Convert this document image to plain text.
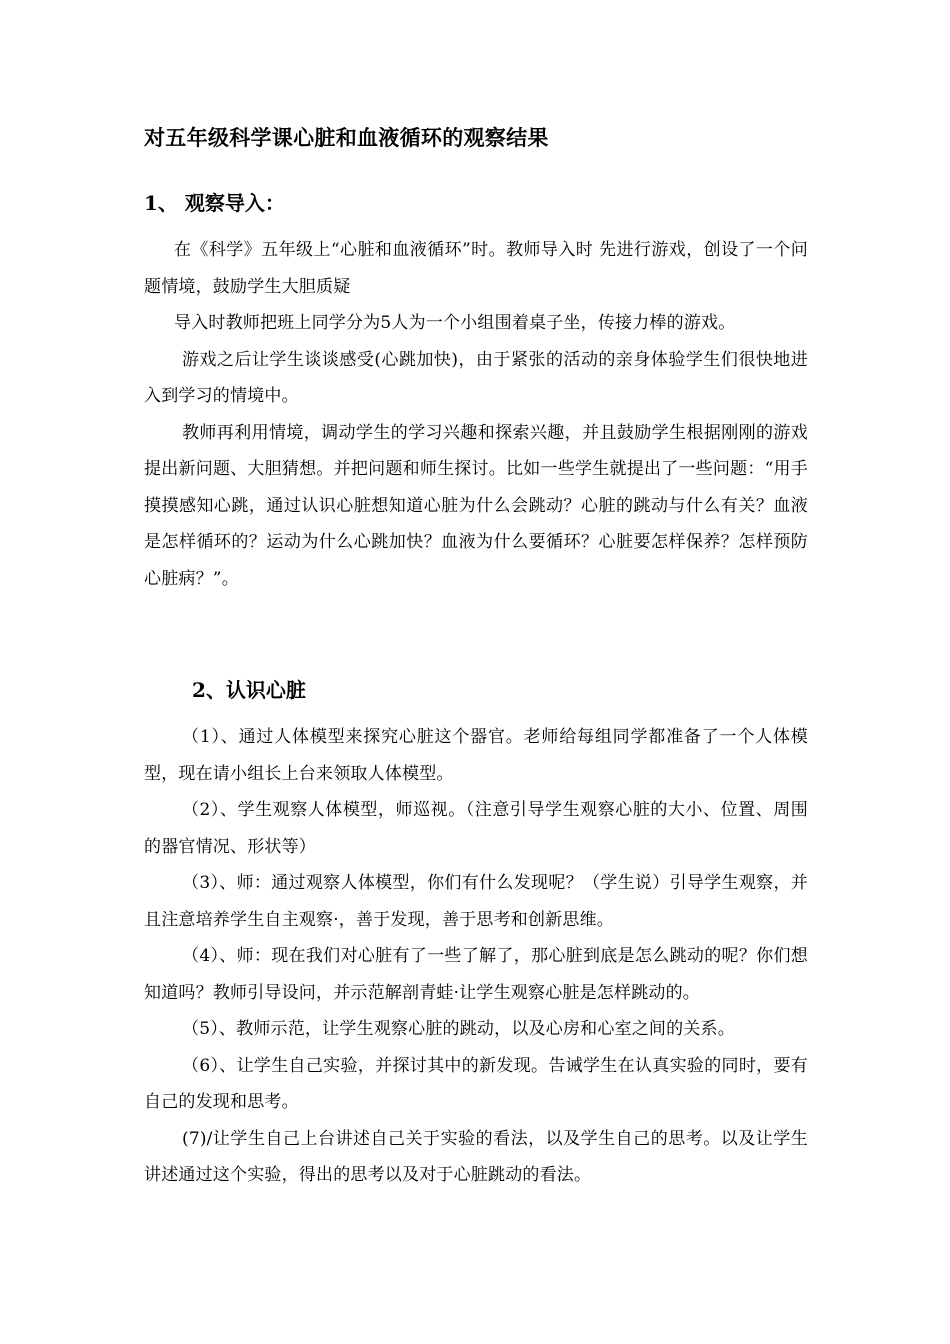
对五年级科学课心脏和血液循环的观察结果
1、 观察导入：

在《科学》五年级上“心脏和血液循环”时。教师导入时 先进行游戏，创设了一个问题情境，鼓励学生大胆质疑

导入时教师把班上同学分为5人为一个小组围着桌子坐，传接力棒的游戏。

游戏之后让学生谈谈感受(心跳加快)，由于紧张的活动的亲身体验学生们很快地进入到学习的情境中。

教师再利用情境，调动学生的学习兴趣和探索兴趣，并且鼓励学生根据刚刚的游戏提出新问题、大胆猜想。并把问题和师生探讨。比如一些学生就提出了一些问题：“用手摸摸感知心跳，通过认识心脏想知道心脏为什么会跳动？心脏的跳动与什么有关？血液是怎样循环的？运动为什么心跳加快？血液为什么要循环？心脏要怎样保养？怎样预防心脏病？”。

2、认识心脏

（1）、通过人体模型来探究心脏这个器官。老师给每组同学都准备了一个人体模型，现在请小组长上台来领取人体模型。

（2）、学生观察人体模型，师巡视。（注意引导学生观察心脏的大小、位置、周围的器官情况、形状等）

（3）、师：通过观察人体模型，你们有什么发现呢？（学生说）引导学生观察，并且注意培养学生自主观察·，善于发现，善于思考和创新思维。

（4）、师：现在我们对心脏有了一些了解了，那心脏到底是怎么跳动的呢？你们想知道吗？教师引导设问，并示范解剖青蛙·让学生观察心脏是怎样跳动的。

（5）、教师示范，让学生观察心脏的跳动，以及心房和心室之间的关系。

（6）、让学生自己实验，并探讨其中的新发现。告诫学生在认真实验的同时，要有自己的发现和思考。

(7)/让学生自己上台讲述自己关于实验的看法，以及学生自己的思考。以及让学生讲述通过这个实验，得出的思考以及对于心脏跳动的看法。
